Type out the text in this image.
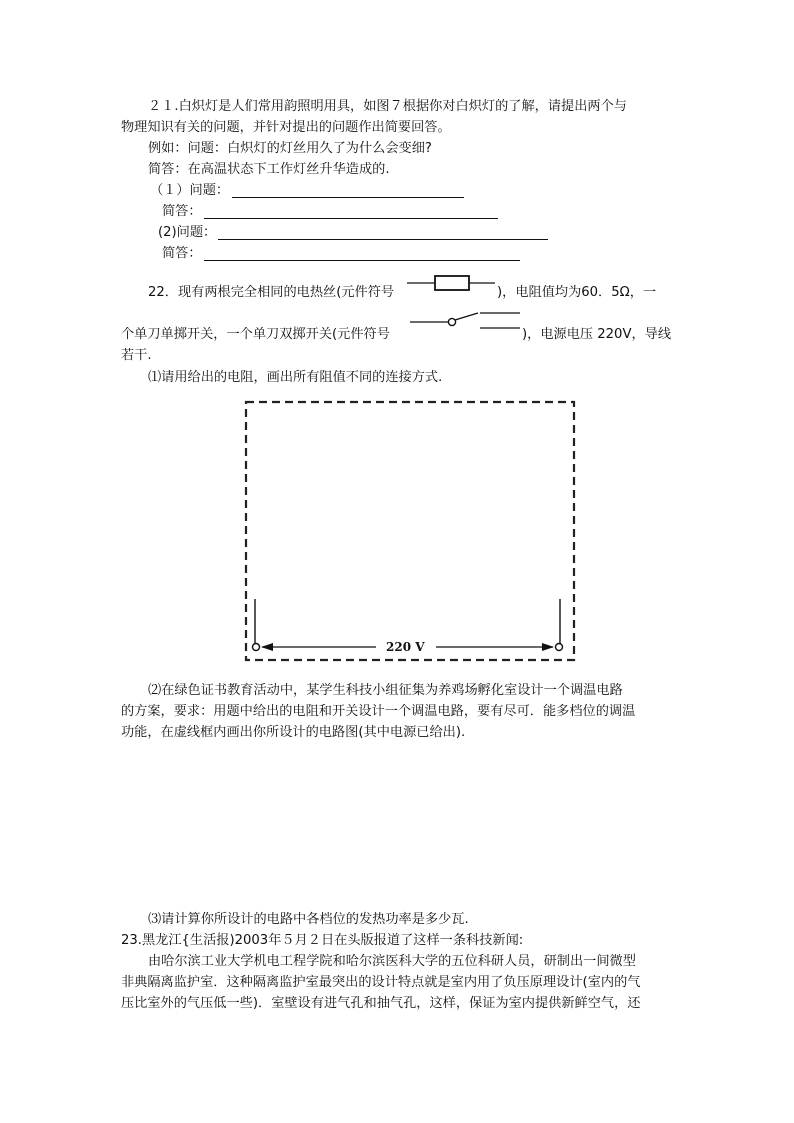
２１.白炽灯是人们常用韵照明用具，如图７根据你对白炽灯的了解，请提出两个与
物理知识有关的问题，并针对提出的问题作出简要回答。
例如：问题：白炽灯的灯丝用久了为什么会变细?
简答：在高温状态下工作灯丝升华造成的.
（１）问题：
简答：
(2)问题：
简答：
22．现有两根完全相同的电热丝(元件符号	)，电阻值均为60．5Ω，一
个单刀单掷开关，一个单刀双掷开关(元件符号	)，电源电压 220V，导线
若干.
⑴请用给出的电阻，画出所有阻值不同的连接方式.
220 V
⑵在绿色证书教育活动中，某学生科技小组征集为养鸡场孵化室设计一个调温电路
的方案，要求：用题中给出的电阻和开关设计一个调温电路，要有尽可．能多档位的调温
功能，在虚线框内画出你所设计的电路图(其中电源已给出).
⑶请计算你所设计的电路中各档位的发热功率是多少瓦.
23.黑龙江{生活报)2003年５月２日在头版报道了这样一条科技新闻:
由哈尔滨工业大学机电工程学院和哈尔滨医科大学的五位科研人员，研制出一间微型
非典隔离监护室．这种隔离监护室最突出的设计特点就是室内用了负压原理设计(室内的气
压比室外的气压低一些)．室壁设有进气孔和抽气孔，这样，保证为室内提供新鲜空气，还
